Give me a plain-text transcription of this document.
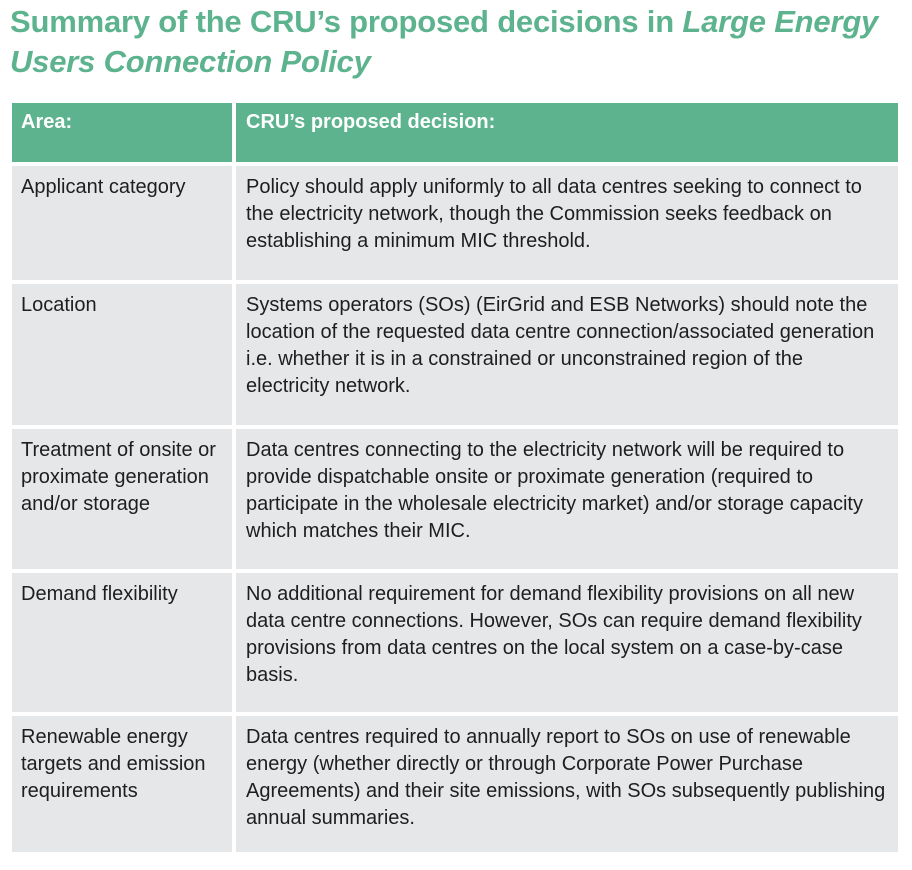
Summary of the CRU’s proposed decisions in Large Energy Users Connection Policy
Area:	CRU’s proposed decision:
Applicant category	Policy should apply uniformly to all data centres seeking to connect to the electricity network, though the Commission seeks feedback on establishing a minimum MIC threshold.
Location	Systems operators (SOs) (EirGrid and ESB Networks) should note the location of the requested data centre connection/associated generation i.e. whether it is in a constrained or unconstrained region of the electricity network.
Treatment of onsite or proximate generation and/or storage	Data centres connecting to the electricity network will be required to provide dispatchable onsite or proximate generation (required to participate in the wholesale electricity market) and/or storage capacity which matches their MIC.
Demand flexibility	No additional requirement for demand flexibility provisions on all new data centre connections. However, SOs can require demand flexibility provisions from data centres on the local system on a case-by-case basis.
Renewable energy targets and emission requirements	Data centres required to annually report to SOs on use of renewable energy (whether directly or through Corporate Power Purchase Agreements) and their site emissions, with SOs subsequently publishing annual summaries.
